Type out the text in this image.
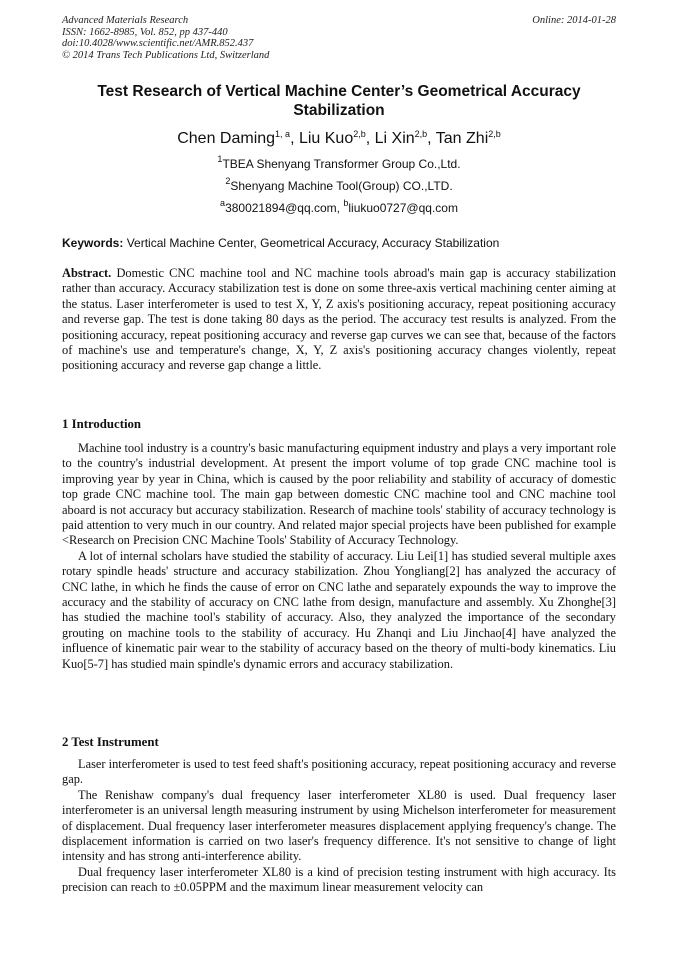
Advanced Materials Research
ISSN: 1662-8985, Vol. 852, pp 437-440
doi:10.4028/www.scientific.net/AMR.852.437
© 2014 Trans Tech Publications Ltd, Switzerland
Online: 2014-01-28
Test Research of Vertical Machine Center’s Geometrical Accuracy Stabilization
Chen Daming$^{1, a}$, Liu Kuo$^{2,b}$, Li Xin$^{2,b}$, Tan Zhi$^{2,b}$
$^1$TBEA Shenyang Transformer Group Co.,Ltd.
$^2$Shenyang Machine Tool(Group) CO.,LTD.
$^a$380021894@qq.com, $^b$liukuo0727@qq.com
Keywords: Vertical Machine Center, Geometrical Accuracy, Accuracy Stabilization

Abstract. Domestic CNC machine tool and NC machine tools abroad's main gap is accuracy stabilization rather than accuracy. Accuracy stabilization test is done on some three-axis vertical machining center aiming at the status. Laser interferometer is used to test X, Y, Z axis's positioning accuracy, repeat positioning accuracy and reverse gap. The test is done taking 80 days as the period. The accuracy test results is analyzed. From the positioning accuracy, repeat positioning accuracy and reverse gap curves we can see that, because of the factors of machine's use and temperature's change, X, Y, Z axis's positioning accuracy changes violently, repeat positioning accuracy and reverse gap change a little.

1 Introduction

Machine tool industry is a country's basic manufacturing equipment industry and plays a very important role to the country's industrial development. At present the import volume of top grade CNC machine tool is improving year by year in China, which is caused by the poor reliability and stability of accuracy of domestic top grade CNC machine tool. The main gap between domestic CNC machine tool and CNC machine tool aboard is not accuracy but accuracy stabilization. Research of machine tools' stability of accuracy technology is paid attention to very much in our country. And related major special projects have been published for example <Research on Precision CNC Machine Tools' Stability of Accuracy Technology.

A lot of internal scholars have studied the stability of accuracy. Liu Lei[1] has studied several multiple axes rotary spindle heads' structure and accuracy stabilization. Zhou Yongliang[2] has analyzed the accuracy of CNC lathe, in which he finds the cause of error on CNC lathe and separately expounds the way to improve the accuracy and the stability of accuracy on CNC lathe from design, manufacture and assembly. Xu Zhonghe[3] has studied the machine tool's stability of accuracy. Also, they analyzed the importance of the secondary grouting on machine tools to the stability of accuracy. Hu Zhanqi and Liu Jinchao[4] have analyzed the influence of kinematic pair wear to the stability of accuracy based on the theory of multi-body kinematics. Liu Kuo[5-7] has studied main spindle's dynamic errors and accuracy stabilization.

2 Test Instrument

Laser interferometer is used to test feed shaft's positioning accuracy, repeat positioning accuracy and reverse gap.

The Renishaw company's dual frequency laser interferometer XL80 is used. Dual frequency laser interferometer is an universal length measuring instrument by using Michelson interferometer for measurement of displacement. Dual frequency laser interferometer measures displacement applying frequency's change. The displacement information is carried on two laser's frequency difference. It's not sensitive to change of light intensity and has strong anti-interference ability.

Dual frequency laser interferometer XL80 is a kind of precision testing instrument with high accuracy. Its precision can reach to ±0.05PPM and the maximum linear measurement velocity can
